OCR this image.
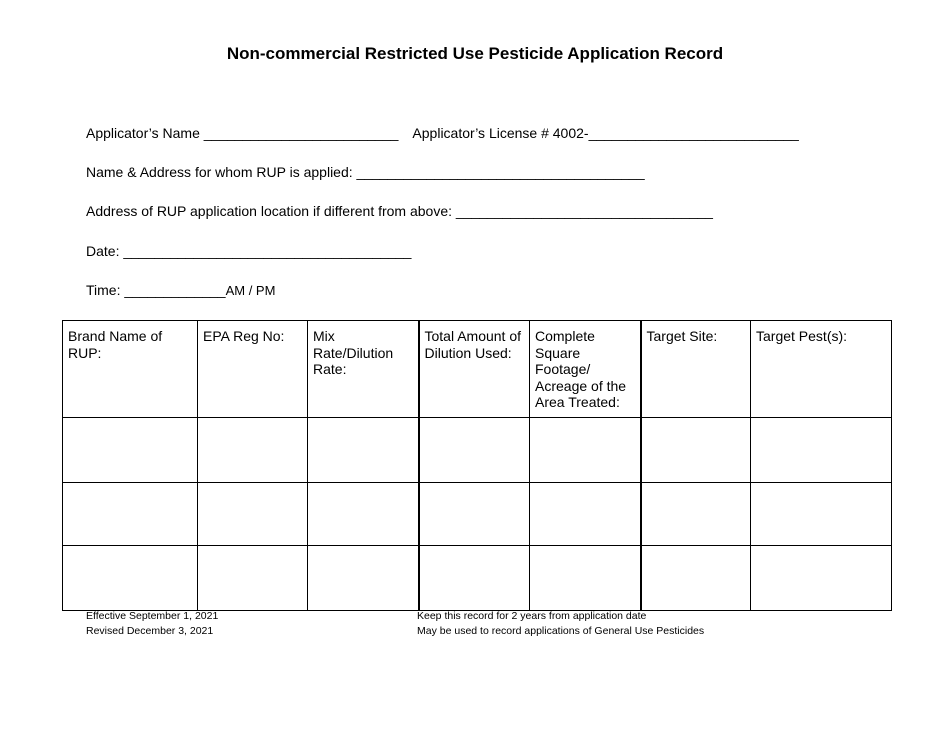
Non-commercial Restricted Use Pesticide Application Record
Applicator’s Name _________________________ Applicator’s License # 4002-___________________________
Name & Address for whom RUP is applied: _____________________________________
Address of RUP application location if different from above: _________________________________
Date: _____________________________________
Time: _____________AM / PM
Brand Name of RUP:	EPA Reg No:	Mix Rate/Dilution Rate:	Total Amount of Dilution Used:	Complete Square Footage/ Acreage of the Area Treated:	Target Site:	Target Pest(s):

Effective September 1, 2021
Revised December 3, 2021
Keep this record for 2 years from application date
May be used to record applications of General Use Pesticides
